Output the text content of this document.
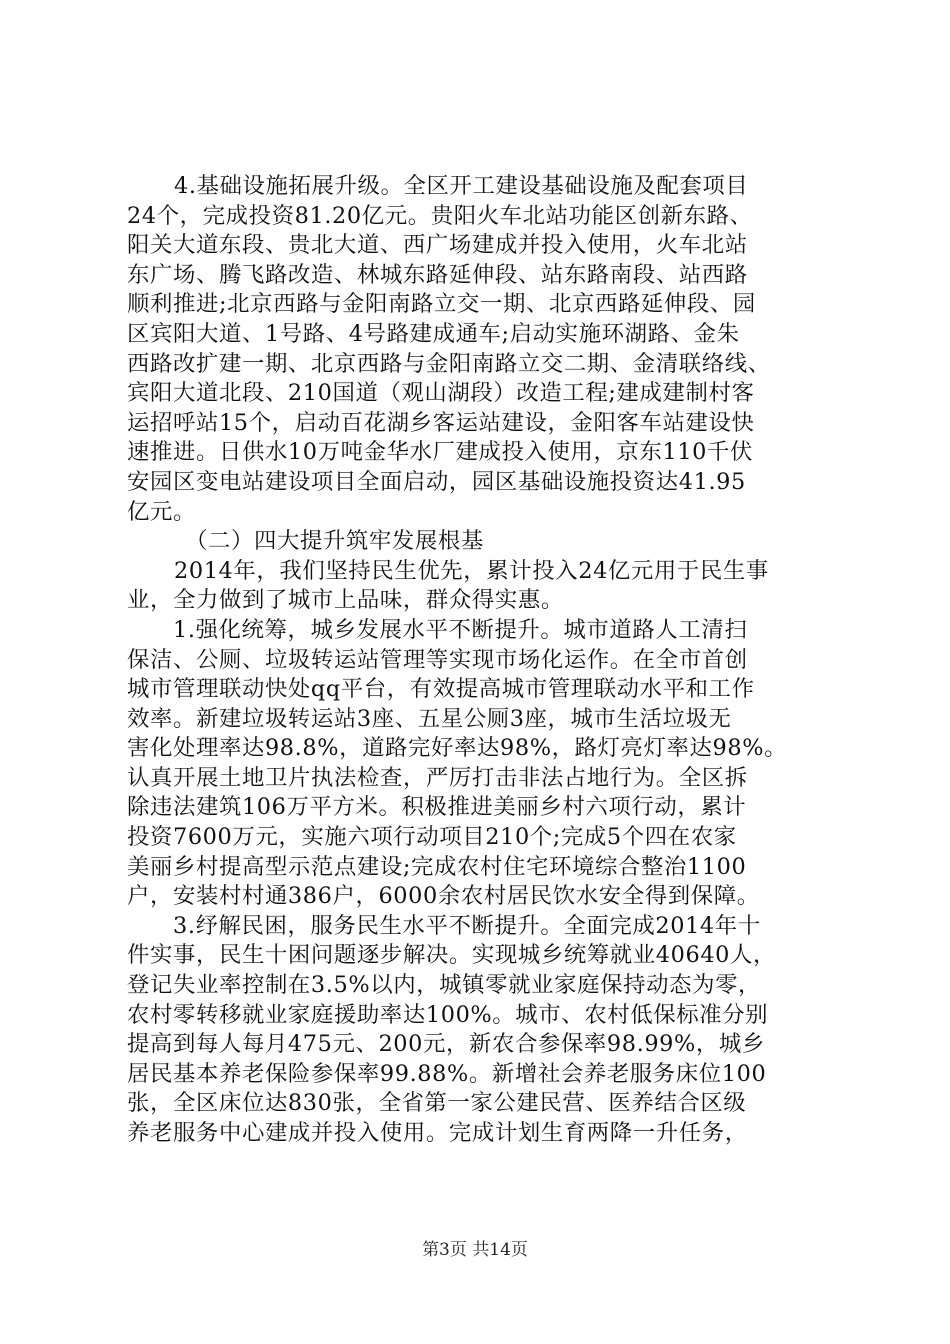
4.基础设施拓展升级。全区开工建设基础设施及配套项目
24个，完成投资81.20亿元。贵阳火车北站功能区创新东路、
阳关大道东段、贵北大道、西广场建成并投入使用，火车北站
东广场、腾飞路改造、林城东路延伸段、站东路南段、站西路
顺利推进;北京西路与金阳南路立交一期、北京西路延伸段、园
区宾阳大道、1号路、4号路建成通车;启动实施环湖路、金朱
西路改扩建一期、北京西路与金阳南路立交二期、金清联络线、
宾阳大道北段、210国道（观山湖段）改造工程;建成建制村客
运招呼站15个，启动百花湖乡客运站建设，金阳客车站建设快
速推进。日供水10万吨金华水厂建成投入使用，京东110千伏
安园区变电站建设项目全面启动，园区基础设施投资达41.95
亿元。
（二）四大提升筑牢发展根基
2014年，我们坚持民生优先，累计投入24亿元用于民生事
业，全力做到了城市上品味，群众得实惠。
1.强化统筹，城乡发展水平不断提升。城市道路人工清扫
保洁、公厕、垃圾转运站管理等实现市场化运作。在全市首创
城市管理联动快处qq平台，有效提高城市管理联动水平和工作
效率。新建垃圾转运站3座、五星公厕3座，城市生活垃圾无
害化处理率达98.8%，道路完好率达98%，路灯亮灯率达98%。
认真开展土地卫片执法检查，严厉打击非法占地行为。全区拆
除违法建筑106万平方米。积极推进美丽乡村六项行动，累计
投资7600万元，实施六项行动项目210个;完成5个四在农家
美丽乡村提高型示范点建设;完成农村住宅环境综合整治1100
户，安装村村通386户，6000余农村居民饮水安全得到保障。
3.纾解民困，服务民生水平不断提升。全面完成2014年十
件实事，民生十困问题逐步解决。实现城乡统筹就业40640人，
登记失业率控制在3.5%以内，城镇零就业家庭保持动态为零，
农村零转移就业家庭援助率达100%。城市、农村低保标准分别
提高到每人每月475元、200元，新农合参保率98.99%，城乡
居民基本养老保险参保率99.88%。新增社会养老服务床位100
张，全区床位达830张，全省第一家公建民营、医养结合区级
养老服务中心建成并投入使用。完成计划生育两降一升任务，
第3页 共14页
